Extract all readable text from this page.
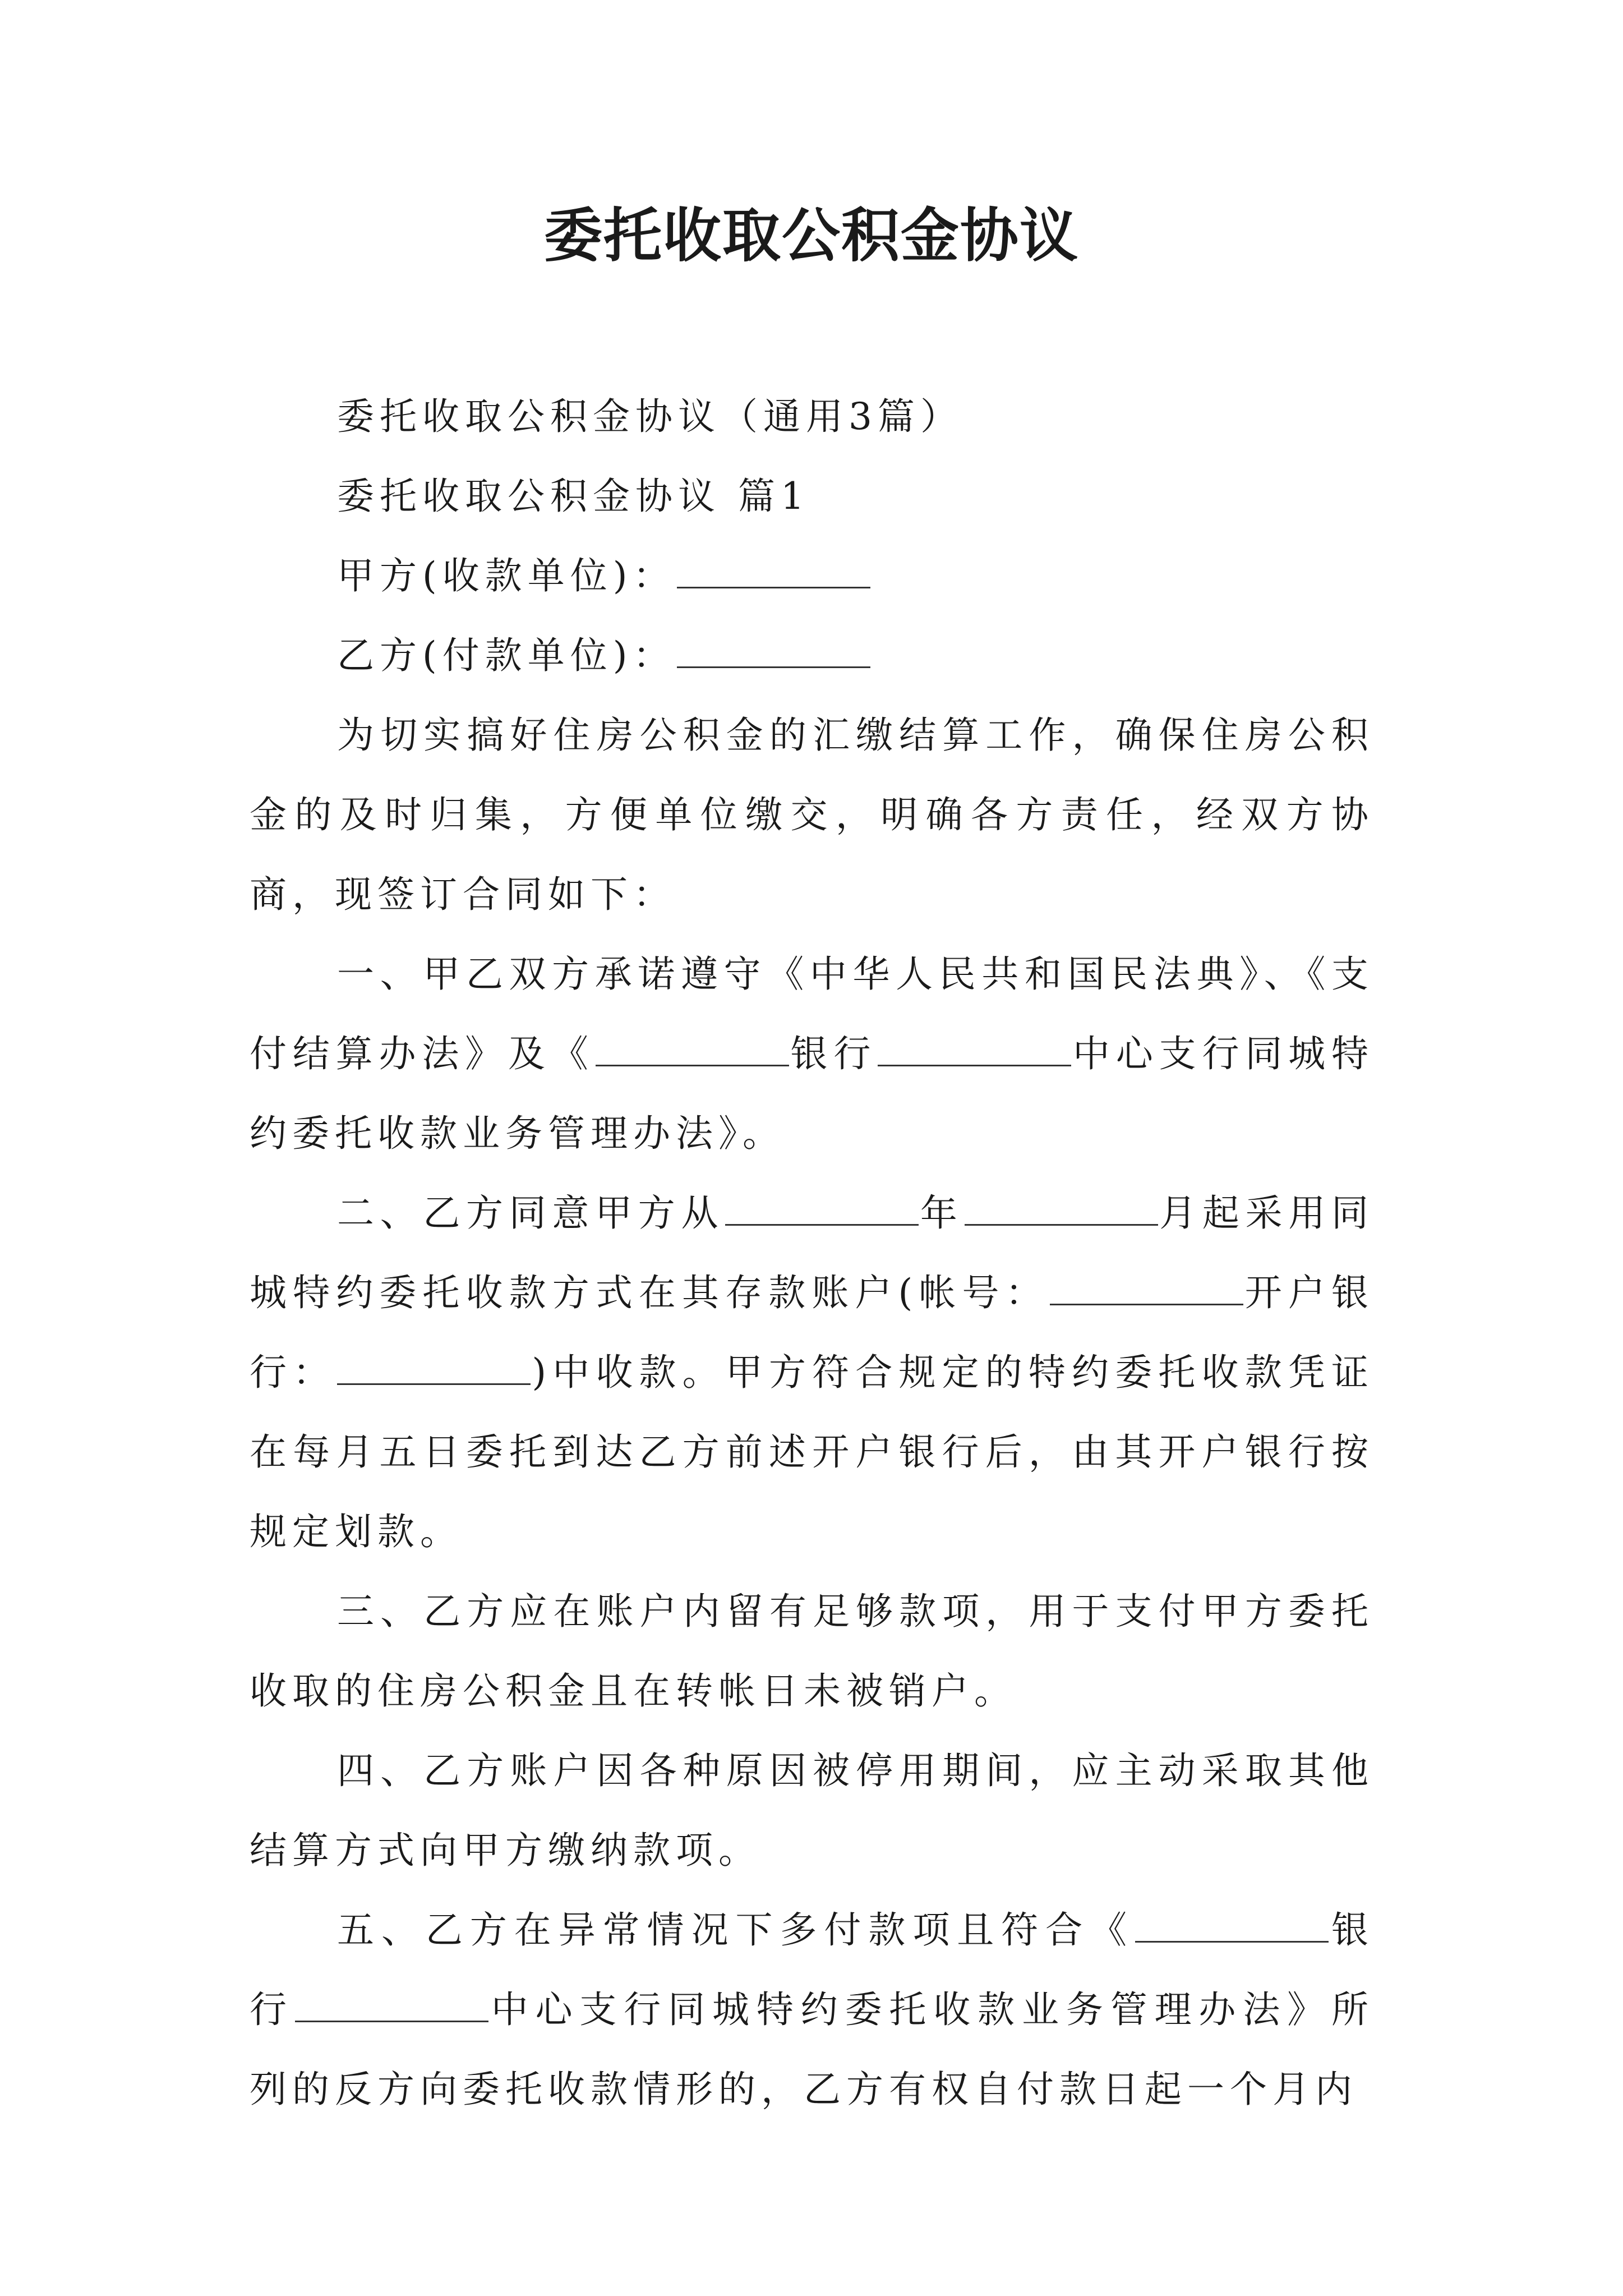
委托收取公积金协议

委托收取公积金协议（通用3篇）

委托收取公积金协议 篇1

甲方(收款单位)：

乙方(付款单位)：

为切实搞好住房公积金的汇缴结算工作，确保住房公积金的及时归集，方便单位缴交，明确各方责任，经双方协商，现签订合同如下：

一、甲乙双方承诺遵守《中华人民共和国民法典》、《支付结算办法》及《	银行	中心支行同城特约委托收款业务管理办法》。

二、乙方同意甲方从	年	月起采用同城特约委托收款方式在其存款账户(帐号：	开户银行：	)中收款。甲方符合规定的特约委托收款凭证在每月五日委托到达乙方前述开户银行后，由其开户银行按规定划款。

三、乙方应在账户内留有足够款项，用于支付甲方委托收取的住房公积金且在转帐日未被销户。

四、乙方账户因各种原因被停用期间，应主动采取其他结算方式向甲方缴纳款项。

五、乙方在异常情况下多付款项且符合《	银行	中心支行同城特约委托收款业务管理办法》所列的反方向委托收款情形的，乙方有权自付款日起一个月内
